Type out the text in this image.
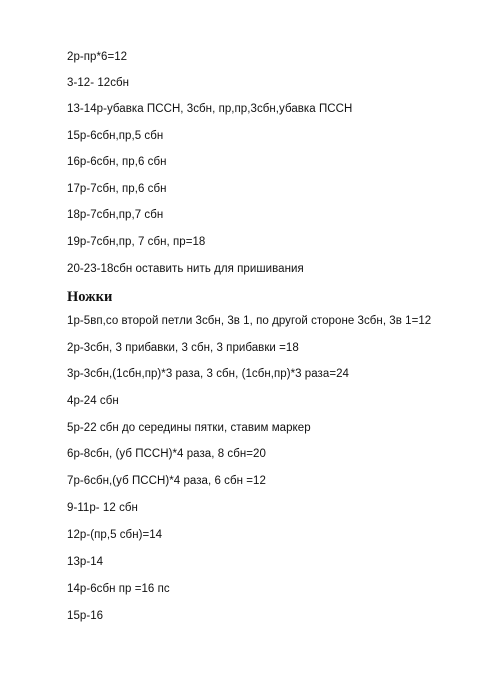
2р-пр*6=12
3-12- 12сбн
13-14р-убавка ПССН, 3сбн, пр,пр,3сбн,убавка ПССН
15р-6сбн,пр,5 сбн
16р-6сбн, пр,6 сбн
17р-7сбн, пр,6 сбн
18р-7сбн,пр,7 сбн
19р-7сбн,пр, 7 сбн, пр=18
20-23-18сбн оставить нить для пришивания
Ножки
1р-5вп,со второй петли 3сбн, 3в 1, по другой стороне 3сбн, 3в 1=12
2р-3сбн, 3 прибавки, 3 сбн, 3 прибавки =18
3р-3сбн,(1сбн,пр)*3 раза, 3 сбн, (1сбн,пр)*3 раза=24
4р-24 сбн
5р-22 сбн до середины пятки, ставим маркер
6р-8сбн, (уб ПССН)*4 раза, 8 сбн=20
7р-6сбн,(уб ПССН)*4 раза, 6 сбн =12
9-11р- 12 сбн
12р-(пр,5 сбн)=14
13р-14
14р-6сбн пр =16 пс
15р-16
